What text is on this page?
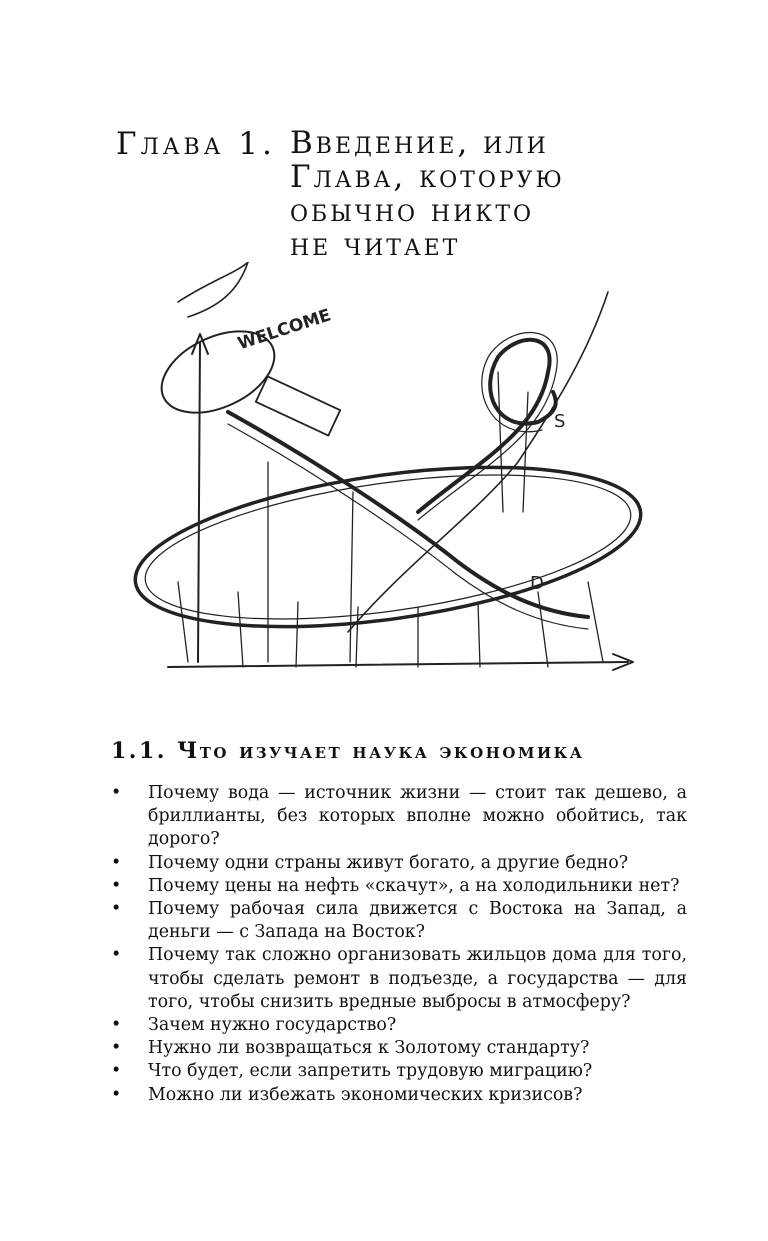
Глава 1. Введение, или
Глава, которую
обычно никто
не читает
WELCOME
S
D
1.1. Что изучает наука экономика
• Почему вода — источник жизни — стоит так дешево, а бриллианты, без которых вполне можно обойтись, так дорого?
• Почему одни страны живут богато, а другие бедно?
• Почему цены на нефть «скачут», а на холодильники нет?
• Почему рабочая сила движется с Востока на Запад, а деньги — с Запада на Восток?
• Почему так сложно организовать жильцов дома для того, чтобы сделать ремонт в подъезде, а государства — для того, чтобы снизить вредные выбросы в атмосферу?
• Зачем нужно государство?
• Нужно ли возвращаться к Золотому стандарту?
• Что будет, если запретить трудовую миграцию?
• Можно ли избежать экономических кризисов?
